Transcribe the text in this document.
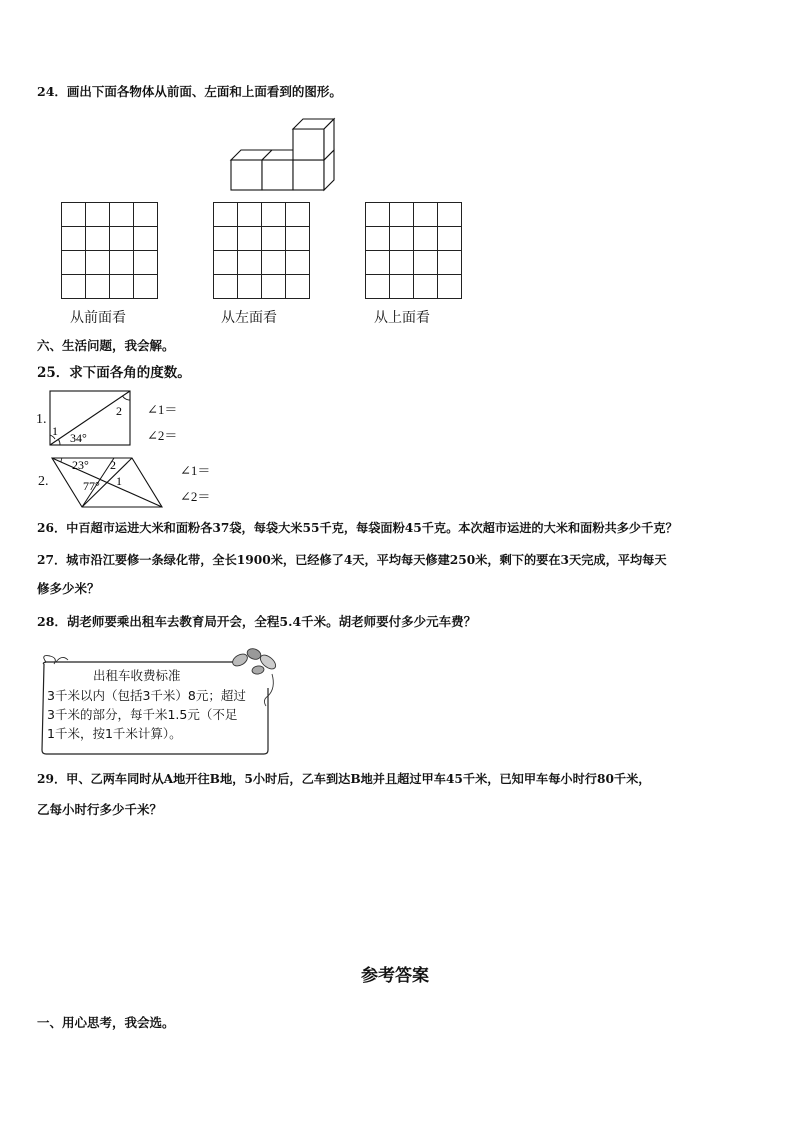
24．画出下面各物体从前面、左面和上面看到的图形。

从前面看	从左面看	从上面看
六、生活问题，我会解。
25．求下面各角的度数。
1.
1
2
34°
∠1＝
∠2＝
2.
23° 2
77° 1
∠1＝
∠2＝
26．中百超市运进大米和面粉各37袋，每袋大米55千克，每袋面粉45千克。本次超市运进的大米和面粉共多少千克？
27．城市沿江要修一条绿化带，全长1900米，已经修了4天，平均每天修建250米，剩下的要在3天完成，平均每天
修多少米？
28．胡老师要乘出租车去教育局开会，全程5.4千米。胡老师要付多少元车费？
出租车收费标准
3千米以内（包括3千米）8元；超过
3千米的部分，每千米1.5元（不足
1千米，按1千米计算）。
29．甲、乙两车同时从A地开往B地，5小时后，乙车到达B地并且超过甲车45千米，已知甲车每小时行80千米，
乙每小时行多少千米？
参考答案
一、用心思考，我会选。
